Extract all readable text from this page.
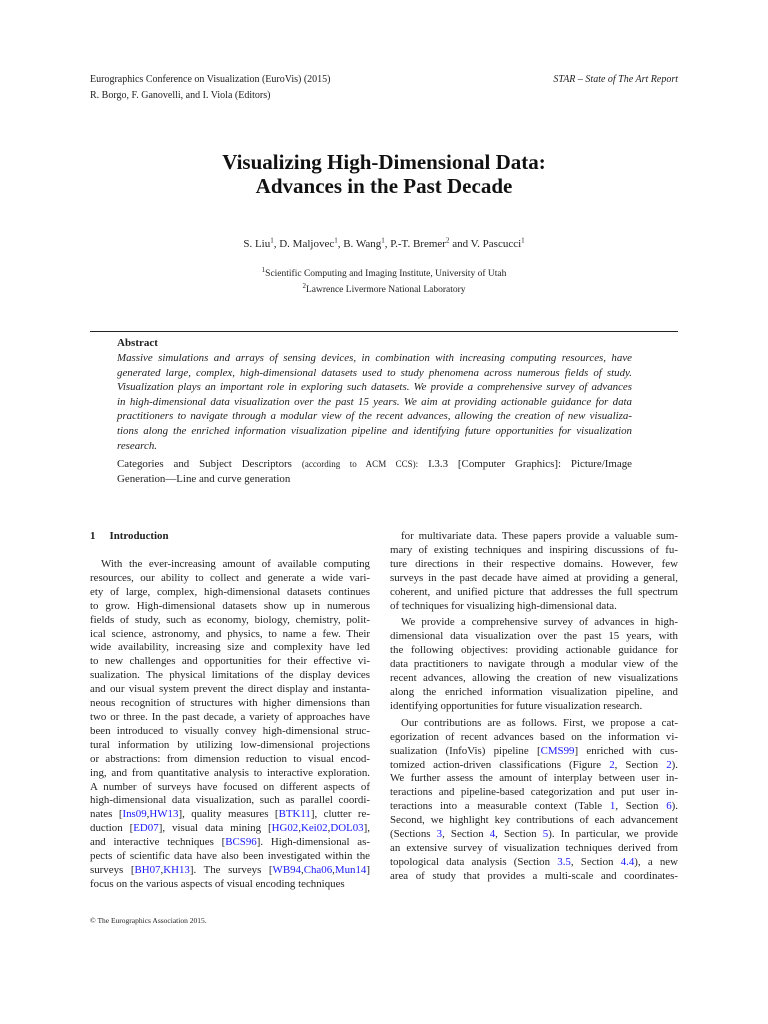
Eurographics Conference on Visualization (EuroVis) (2015)
R. Borgo, F. Ganovelli, and I. Viola (Editors)
STAR – State of The Art Report
Visualizing High-Dimensional Data:
Advances in the Past Decade
S. Liu$^1$, D. Maljovec$^1$, B. Wang$^1$, P.-T. Bremer$^2$ and V. Pascucci$^1$
$^1$Scientific Computing and Imaging Institute, University of Utah
$^2$Lawrence Livermore National Laboratory
Abstract
Massive simulations and arrays of sensing devices, in combination with increasing computing resources, have
generated large, complex, high-dimensional datasets used to study phenomena across numerous fields of study.
Visualization plays an important role in exploring such datasets. We provide a comprehensive survey of advances
in high-dimensional data visualization over the past 15 years. We aim at providing actionable guidance for data
practitioners to navigate through a modular view of the recent advances, allowing the creation of new visualiza-
tions along the enriched information visualization pipeline and identifying future opportunities for visualization
research.
Categories and Subject Descriptors (according to ACM CCS): I.3.3 [Computer Graphics]: Picture/Image
Generation—Line and curve generation
1 Introduction
With the ever-increasing amount of available computing
resources, our ability to collect and generate a wide vari-
ety of large, complex, high-dimensional datasets continues
to grow. High-dimensional datasets show up in numerous
fields of study, such as economy, biology, chemistry, polit-
ical science, astronomy, and physics, to name a few. Their
wide availability, increasing size and complexity have led
to new challenges and opportunities for their effective vi-
sualization. The physical limitations of the display devices
and our visual system prevent the direct display and instanta-
neous recognition of structures with higher dimensions than
two or three. In the past decade, a variety of approaches have
been introduced to visually convey high-dimensional struc-
tural information by utilizing low-dimensional projections
or abstractions: from dimension reduction to visual encod-
ing, and from quantitative analysis to interactive exploration.
A number of surveys have focused on different aspects of
high-dimensional data visualization, such as parallel coordi-
nates [Ins09,HW13], quality measures [BTK11], clutter re-
duction [ED07], visual data mining [HG02,Kei02,DOL03],
and interactive techniques [BCS96]. High-dimensional as-
pects of scientific data have also been investigated within the
surveys [BH07,KH13]. The surveys [WB94,Cha06,Mun14]
focus on the various aspects of visual encoding techniques
for multivariate data. These papers provide a valuable sum-
mary of existing techniques and inspiring discussions of fu-
ture directions in their respective domains. However, few
surveys in the past decade have aimed at providing a general,
coherent, and unified picture that addresses the full spectrum
of techniques for visualizing high-dimensional data.
We provide a comprehensive survey of advances in high-
dimensional data visualization over the past 15 years, with
the following objectives: providing actionable guidance for
data practitioners to navigate through a modular view of the
recent advances, allowing the creation of new visualizations
along the enriched information visualization pipeline, and
identifying opportunities for future visualization research.
Our contributions are as follows. First, we propose a cat-
egorization of recent advances based on the information vi-
sualization (InfoVis) pipeline [CMS99] enriched with cus-
tomized action-driven classifications (Figure 2, Section 2).
We further assess the amount of interplay between user in-
teractions and pipeline-based categorization and put user in-
teractions into a measurable context (Table 1, Section 6).
Second, we highlight key contributions of each advancement
(Sections 3, Section 4, Section 5). In particular, we provide
an extensive survey of visualization techniques derived from
topological data analysis (Section 3.5, Section 4.4), a new
area of study that provides a multi-scale and coordinates-
© The Eurographics Association 2015.
